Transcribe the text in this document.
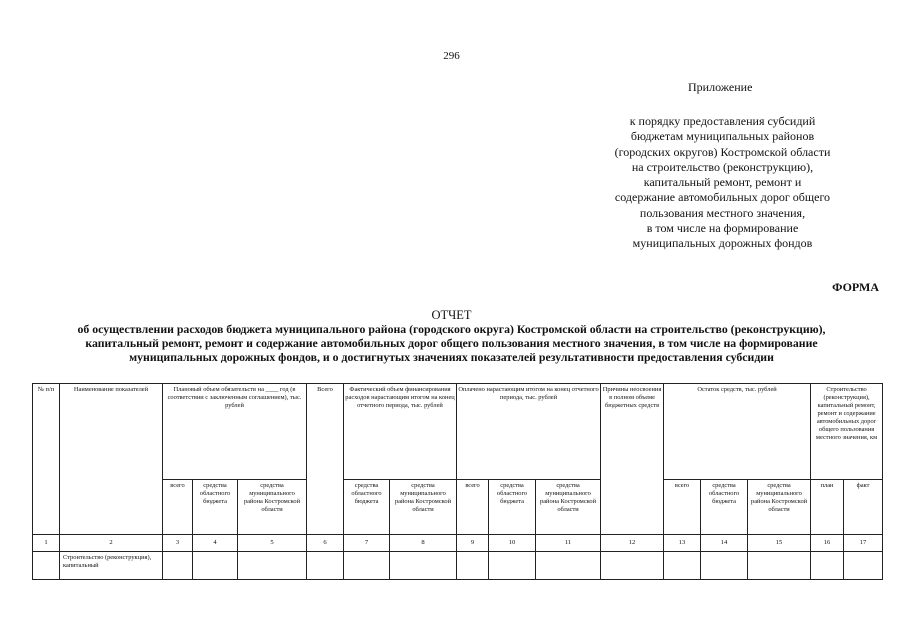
296
Приложение
к порядку предоставления субсидий
бюджетам муниципальных районов
(городских округов) Костромской области
на строительство (реконструкцию),
капитальный ремонт, ремонт и
содержание автомобильных дорог общего
пользования местного значения,
в том числе на формирование
муниципальных дорожных фондов
ФОРМА
ОТЧЕТ
об осуществлении расходов бюджета муниципального района (городского округа) Костромской области на строительство (реконструкцию),
капитальный ремонт, ремонт и содержание автомобильных дорог общего пользования местного значения, в том числе на формирование
муниципальных дорожных фондов, и о достигнутых значениях показателей результативности предоставления субсидии
№ п/п	Наименование показателей	Плановый объем обязательств на ____ год (в соответствии с заключенным соглашением), тыс. рублей			Всего	Фактический объем финансирования расходов нарастающим итогом на конец отчетного периода, тыс. рублей		Оплачено нарастающим итогом на конец отчетного периода, тыс. рублей			Причины неосвоения в полном объеме бюджетных средств	Остаток средств, тыс. рублей			Строительство (реконструкция), капитальный ремонт, ремонт и содержание автомобильных дорог общего пользования местного значения, км	
		всего	средства областного бюджета	средства муниципального района Костромской области		средства областного бюджета	средства муниципального района Костромской области	всего	средства областного бюджета	средства муниципального района Костромской области		всего	средства областного бюджета	средства муниципального района Костромской области	план	факт
1	2	3	4	5	6	7	8	9	10	11	12	13	14	15	16	17
	Строительство (реконструкция), капитальный															
